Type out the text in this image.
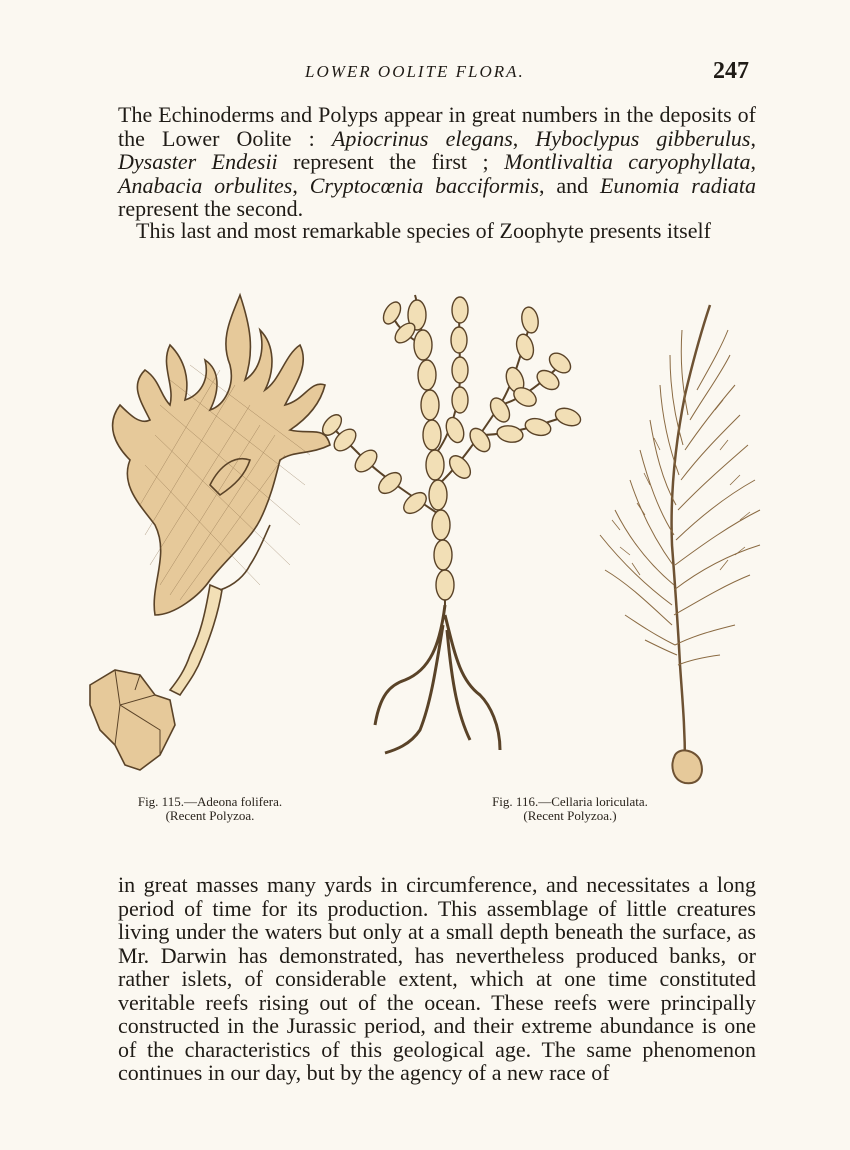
LOWER OOLITE FLORA.	247

The Echinoderms and Polyps appear in great numbers in the deposits of the Lower Oolite : Apiocrinus elegans, Hyboclypus gibberulus, Dysaster Endesii represent the first ; Montlivaltia caryophyllata, Anabacia orbulites, Cryptocœnia bacciformis, and Eunomia radiata represent the second.

This last and most remarkable species of Zoophyte presents itself

Fig. 115.—Adeona folifera.
(Recent Polyzoa.
Fig. 116.—Cellaria loriculata.
(Recent Polyzoa.)

in great masses many yards in circumference, and necessitates a long period of time for its production. This assemblage of little creatures living under the waters but only at a small depth beneath the surface, as Mr. Darwin has demonstrated, has nevertheless produced banks, or rather islets, of considerable extent, which at one time constituted veritable reefs rising out of the ocean. These reefs were principally constructed in the Jurassic period, and their extreme abundance is one of the characteristics of this geological age. The same phenomenon continues in our day, but by the agency of a new race of
